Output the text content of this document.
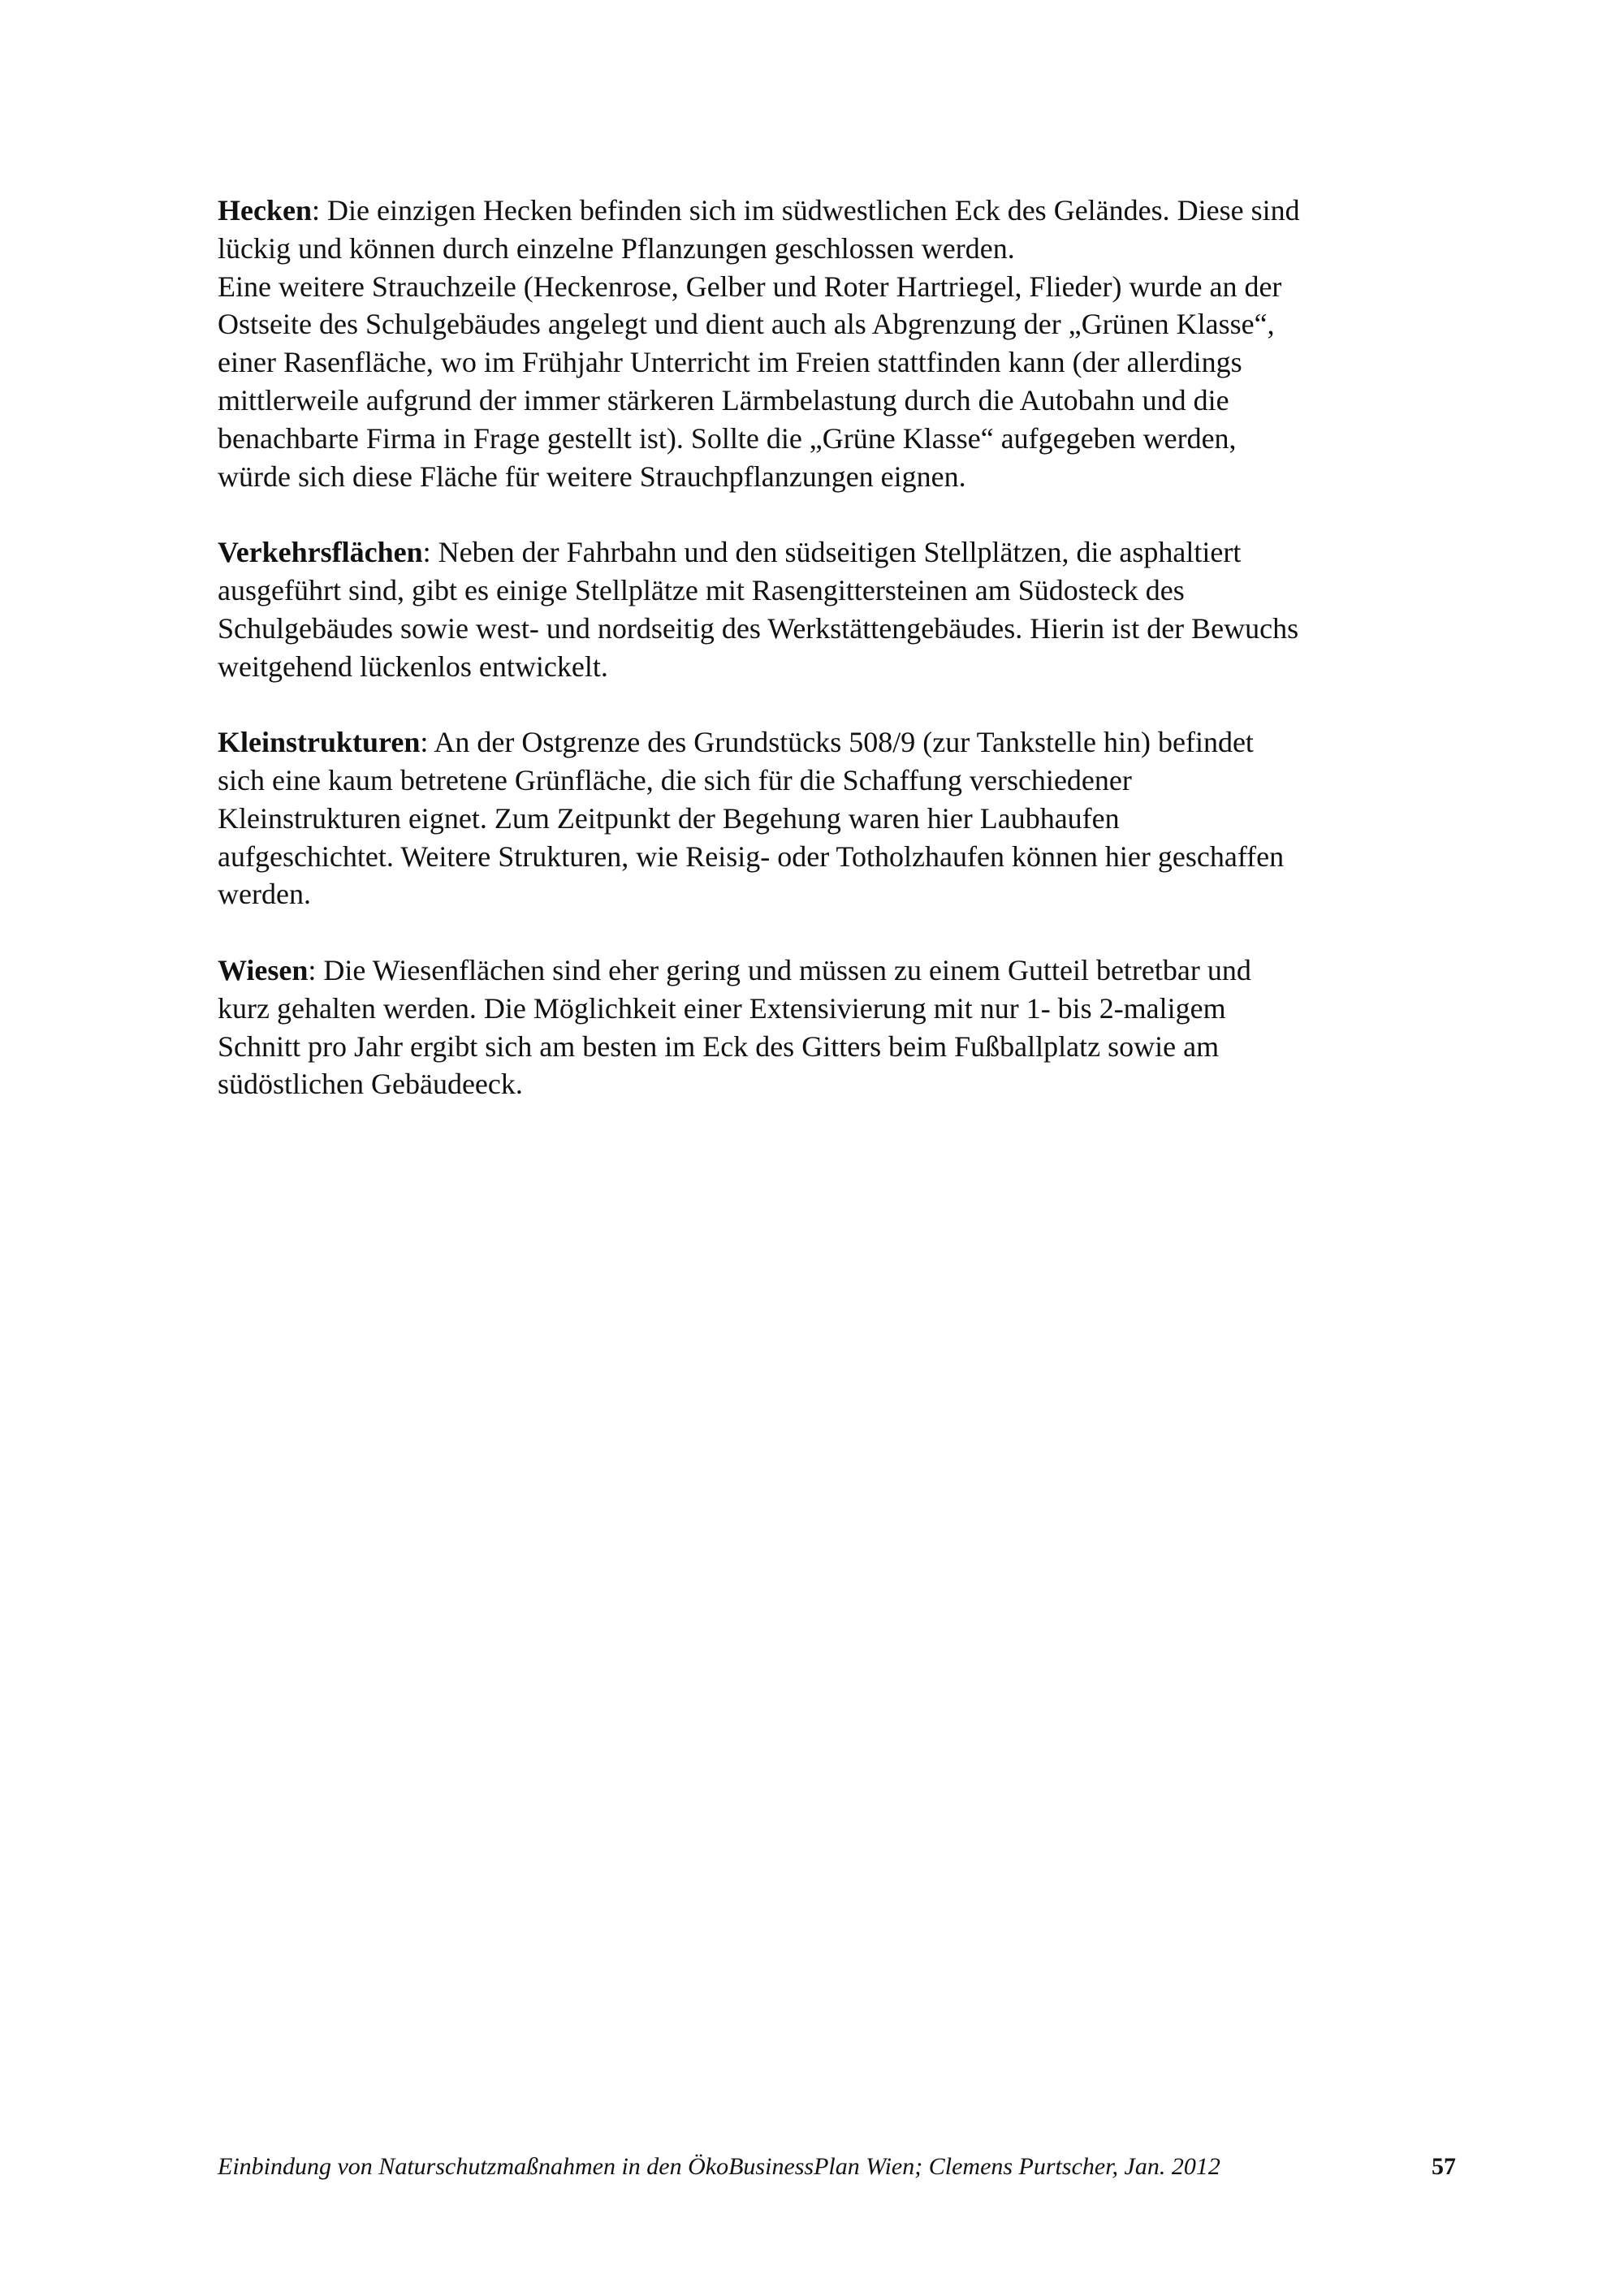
Hecken: Die einzigen Hecken befinden sich im südwestlichen Eck des Geländes. Diese sind
lückig und können durch einzelne Pflanzungen geschlossen werden.
Eine weitere Strauchzeile (Heckenrose, Gelber und Roter Hartriegel, Flieder) wurde an der
Ostseite des Schulgebäudes angelegt und dient auch als Abgrenzung der „Grünen Klasse“,
einer Rasenfläche, wo im Frühjahr Unterricht im Freien stattfinden kann (der allerdings
mittlerweile aufgrund der immer stärkeren Lärmbelastung durch die Autobahn und die
benachbarte Firma in Frage gestellt ist). Sollte die „Grüne Klasse“ aufgegeben werden,
würde sich diese Fläche für weitere Strauchpflanzungen eignen.
Verkehrsflächen: Neben der Fahrbahn und den südseitigen Stellplätzen, die asphaltiert
ausgeführt sind, gibt es einige Stellplätze mit Rasengittersteinen am Südosteck des
Schulgebäudes sowie west- und nordseitig des Werkstättengebäudes. Hierin ist der Bewuchs
weitgehend lückenlos entwickelt.
Kleinstrukturen: An der Ostgrenze des Grundstücks 508/9 (zur Tankstelle hin) befindet
sich eine kaum betretene Grünfläche, die sich für die Schaffung verschiedener
Kleinstrukturen eignet. Zum Zeitpunkt der Begehung waren hier Laubhaufen
aufgeschichtet. Weitere Strukturen, wie Reisig- oder Totholzhaufen können hier geschaffen
werden.
Wiesen: Die Wiesenflächen sind eher gering und müssen zu einem Gutteil betretbar und
kurz gehalten werden. Die Möglichkeit einer Extensivierung mit nur 1- bis 2-maligem
Schnitt pro Jahr ergibt sich am besten im Eck des Gitters beim Fußballplatz sowie am
südöstlichen Gebäudeeck.
Einbindung von Naturschutzmaßnahmen in den ÖkoBusinessPlan Wien; Clemens Purtscher, Jan. 2012	57
